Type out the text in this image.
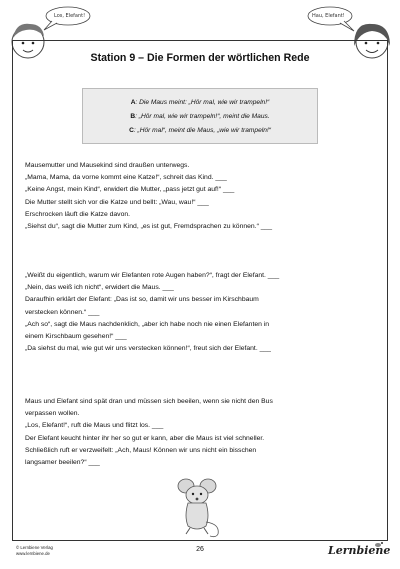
Los, Elefant!	Hau, Elefant!
Station 9 – Die Formen der wörtlichen Rede
A: Die Maus meint: „Hör mal, wie wir trampeln!“
B: „Hör mal, wie wir trampeln!“, meint die Maus.
C: „Hör mal“, meint die Maus, „wie wir trampeln!“

Mausemutter und Mausekind sind draußen unterwegs.

„Mama, Mama, da vorne kommt eine Katze!“, schreit das Kind. ___

„Keine Angst, mein Kind“, erwidert die Mutter, „pass jetzt gut auf!“ ___

Die Mutter stellt sich vor die Katze und bellt: „Wau, wau!“ ___

Erschrocken läuft die Katze davon.

„Siehst du“, sagt die Mutter zum Kind, „es ist gut, Fremdsprachen zu können.“ ___

„Weißt du eigentlich, warum wir Elefanten rote Augen haben?“, fragt der Elefant. ___

„Nein, das weiß ich nicht“, erwidert die Maus. ___

Daraufhin erklärt der Elefant: „Das ist so, damit wir uns besser im Kirschbaum

verstecken können.“ ___

„Ach so“, sagt die Maus nachdenklich, „aber ich habe noch nie einen Elefanten in

einem Kirschbaum gesehen!“ ___

„Da siehst du mal, wie gut wir uns verstecken können!“, freut sich der Elefant. ___

Maus und Elefant sind spät dran und müssen sich beeilen, wenn sie nicht den Bus

verpassen wollen.

„Los, Elefant!“, ruft die Maus und flitzt los. ___

Der Elefant keucht hinter ihr her so gut er kann, aber die Maus ist viel schneller.

Schließlich ruft er verzweifelt: „Ach, Maus! Können wir uns nicht ein bisschen

langsamer beeilen?“ ___

© Lernbiene Verlag
www.lernbiene.de
26	Lernbiene
